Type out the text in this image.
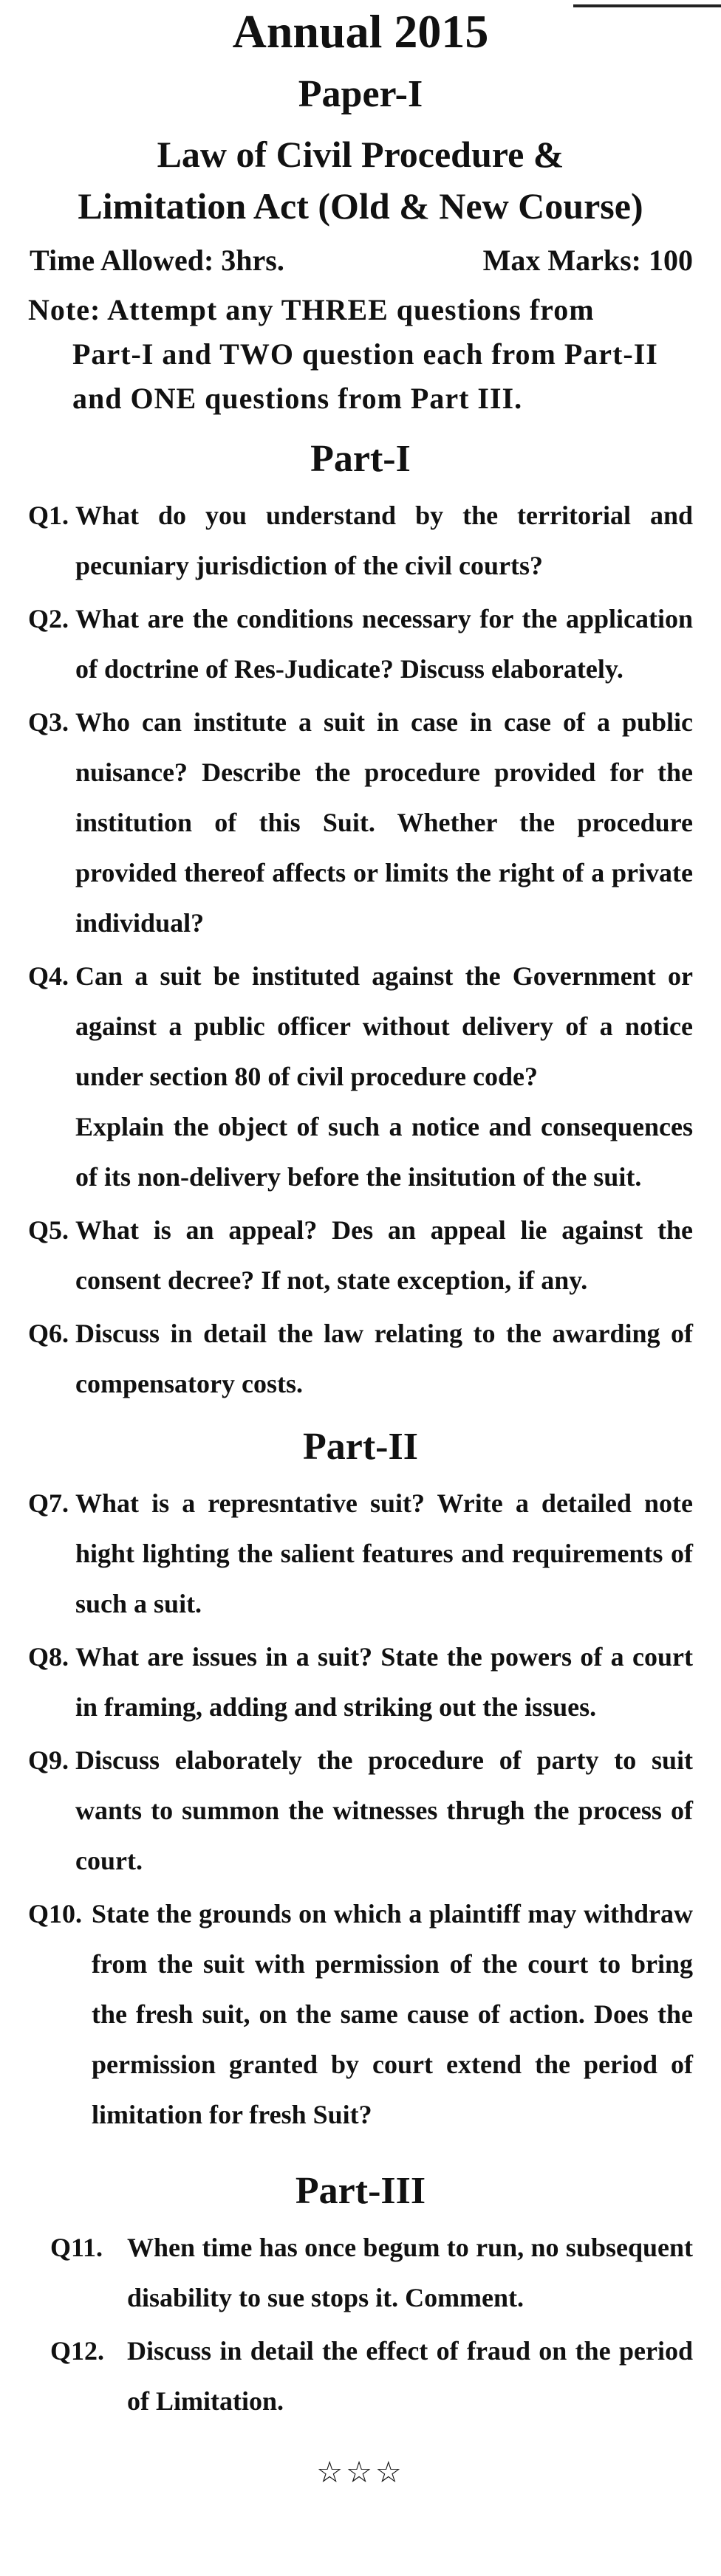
Annual 2015
Paper-I
Law of Civil Procedure &
Limitation Act (Old & New Course)
Time Allowed: 3hrs.	Max Marks: 100
Note: Attempt any THREE questions from
Part-I and TWO question each from Part-II
and ONE questions from Part III.
Part-I
Q1. What do you understand by the territorial and pecuniary jurisdiction of the civil courts?
Q2. What are the conditions necessary for the application of doctrine of Res-Judicate? Discuss elaborately.
Q3. Who can institute a suit in case in case of a public nuisance? Describe the procedure provided for the institution of this Suit. Whether the procedure provided thereof affects or limits the right of a private individual?
Q4. Can a suit be instituted against the Government or against a public officer without delivery of a notice under section 80 of civil procedure code?
Explain the object of such a notice and consequences of its non-delivery before the insitution of the suit.
Q5. What is an appeal? Des an appeal lie against the consent decree? If not, state exception, if any.
Q6. Discuss in detail the law relating to the awarding of compensatory costs.
Part-II
Q7. What is a represntative suit? Write a detailed note hight lighting the salient features and requirements of such a suit.
Q8. What are issues in a suit? State the powers of a court in framing, adding and striking out the issues.
Q9. Discuss elaborately the procedure of party to suit wants to summon the witnesses thrugh the process of court.
Q10. State the grounds on which a plaintiff may withdraw from the suit with permission of the court to bring the fresh suit, on the same cause of action. Does the permission granted by court extend the period of limitation for fresh Suit?
Part-III
Q11. When time has once begum to run, no subsequent disability to sue stops it. Comment.
Q12. Discuss in detail the effect of fraud on the period of Limitation.
☆☆☆
